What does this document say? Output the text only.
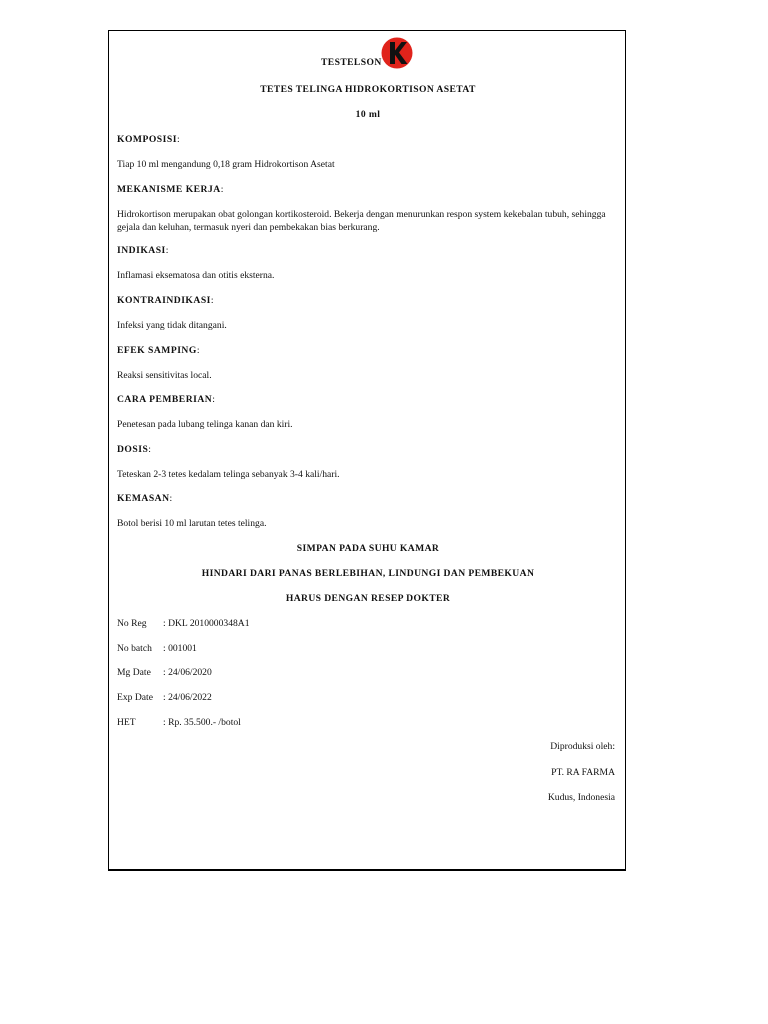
TESTELSON
TETES TELINGA HIDROKORTISON ASETAT
10 ml
KOMPOSISI:
Tiap 10 ml mengandung 0,18 gram Hidrokortison Asetat
MEKANISME KERJA:
Hidrokortison merupakan obat golongan kortikosteroid. Bekerja dengan menurunkan respon system kekebalan tubuh, sehingga gejala dan keluhan, termasuk nyeri dan pembekakan bias berkurang.
INDIKASI:
Inflamasi eksematosa dan otitis eksterna.
KONTRAINDIKASI:
Infeksi yang tidak ditangani.
EFEK SAMPING:
Reaksi sensitivitas local.
CARA PEMBERIAN:
Penetesan pada lubang telinga kanan dan kiri.
DOSIS:
Teteskan 2-3 tetes kedalam telinga sebanyak 3-4 kali/hari.
KEMASAN:
Botol berisi 10 ml larutan tetes telinga.
SIMPAN PADA SUHU KAMAR
HINDARI DARI PANAS BERLEBIHAN, LINDUNGI DAN PEMBEKUAN
HARUS DENGAN RESEP DOKTER
No Reg : DKL 2010000348A1
No batch : 001001
Mg Date : 24/06/2020
Exp Date : 24/06/2022
HET	: Rp. 35.500.- /botol
Diproduksi oleh:
PT. RA FARMA
Kudus, Indonesia
